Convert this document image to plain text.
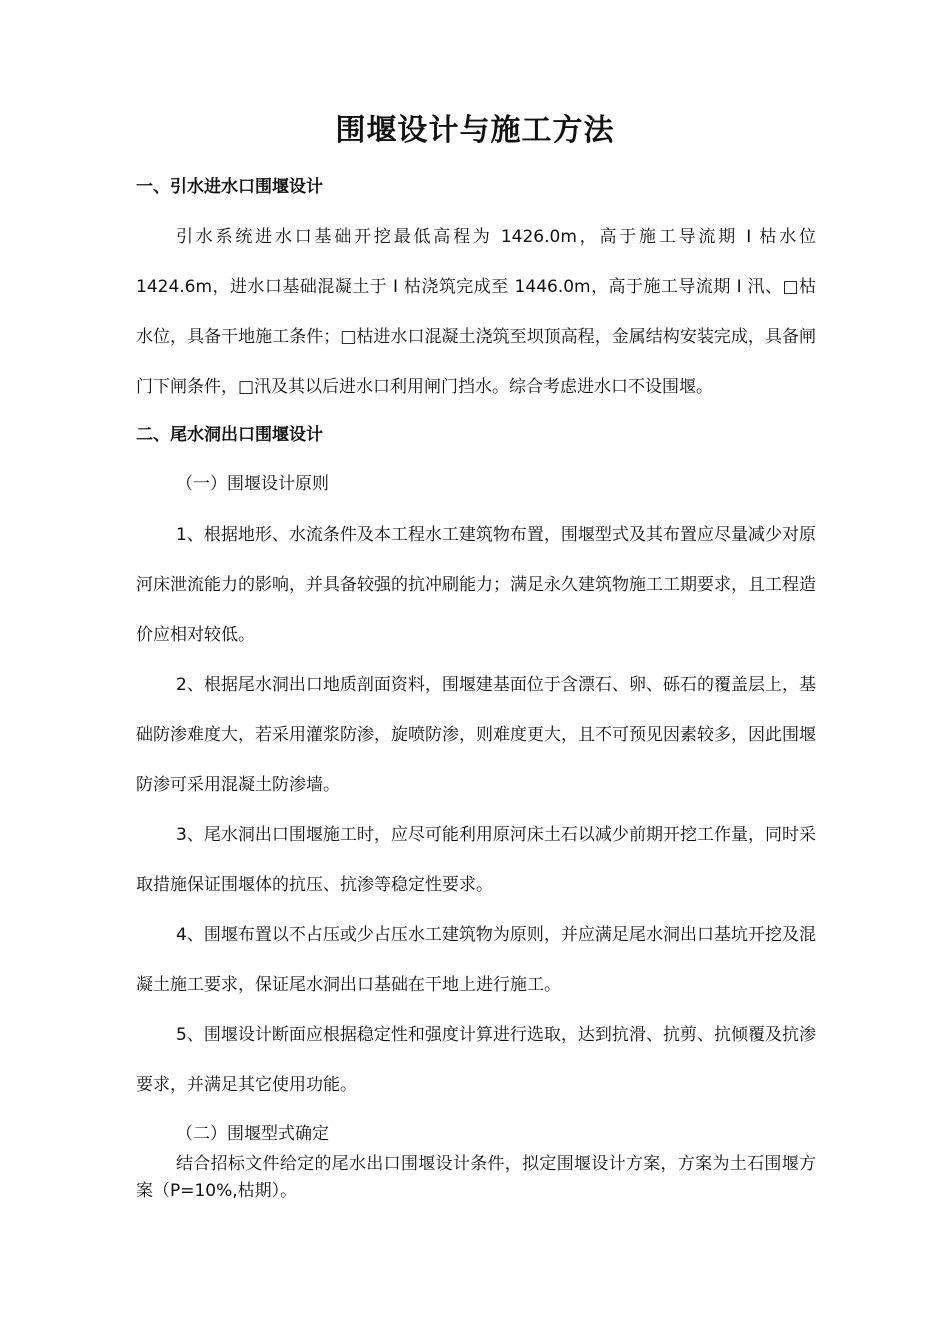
围堰设计与施工方法
一、引水进水口围堰设计
引水系统进水口基础开挖最低高程为 1426.0m，高于施工导流期 I 枯水位 1424.6m，进水口基础混凝土于 I 枯浇筑完成至 1446.0m，高于施工导流期 I 汛、□枯水位，具备干地施工条件；□枯进水口混凝土浇筑至坝顶高程，金属结构安装完成，具备闸门下闸条件，□汛及其以后进水口利用闸门挡水。综合考虑进水口不设围堰。
二、尾水洞出口围堰设计
（一）围堰设计原则
1、根据地形、水流条件及本工程水工建筑物布置，围堰型式及其布置应尽量减少对原河床泄流能力的影响，并具备较强的抗冲刷能力；满足永久建筑物施工工期要求，且工程造价应相对较低。
2、根据尾水洞出口地质剖面资料，围堰建基面位于含漂石、卵、砾石的覆盖层上，基础防渗难度大，若采用灌浆防渗，旋喷防渗，则难度更大，且不可预见因素较多，因此围堰防渗可采用混凝土防渗墙。
3、尾水洞出口围堰施工时，应尽可能利用原河床土石以减少前期开挖工作量，同时采取措施保证围堰体的抗压、抗渗等稳定性要求。
4、围堰布置以不占压或少占压水工建筑物为原则，并应满足尾水洞出口基坑开挖及混凝土施工要求，保证尾水洞出口基础在干地上进行施工。
5、围堰设计断面应根据稳定性和强度计算进行选取，达到抗滑、抗剪、抗倾覆及抗渗要求，并满足其它使用功能。
（二）围堰型式确定
结合招标文件给定的尾水出口围堰设计条件，拟定围堰设计方案，方案为土石围堰方案（P=10%,枯期）。
